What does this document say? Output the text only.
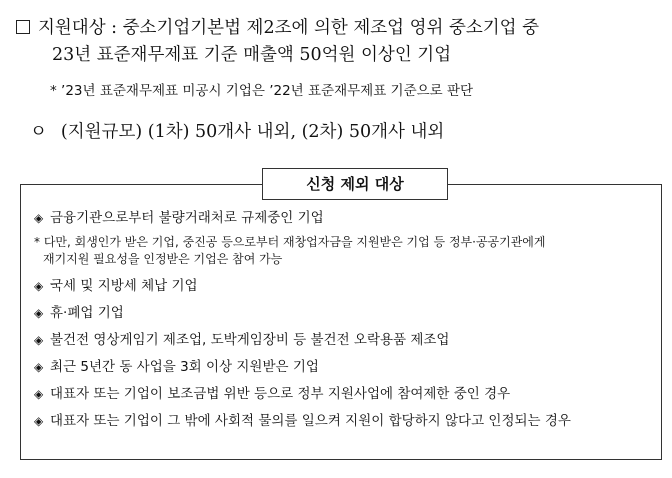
지원대상 : 중소기업기본법 제2조에 의한 제조업 영위 중소기업 중
23년 표준재무제표 기준 매출액 50억원 이상인 기업
* ’23년 표준재무제표 미공시 기업은 ’22년 표준재무제표 기준으로 판단
ㅇ (지원규모) (1차) 50개사 내외, (2차) 50개사 내외
신청 제외 대상
◈ 금융기관으로부터 불량거래처로 규제중인 기업
* 다만, 회생인가 받은 기업, 중진공 등으로부터 재창업자금을 지원받은 기업 등 정부·공공기관에게
재기지원 필요성을 인정받은 기업은 참여 가능
◈ 국세 및 지방세 체납 기업
◈ 휴·폐업 기업
◈ 불건전 영상게임기 제조업, 도박게임장비 등 불건전 오락용품 제조업
◈ 최근 5년간 동 사업을 3회 이상 지원받은 기업
◈ 대표자 또는 기업이 보조금법 위반 등으로 정부 지원사업에 참여제한 중인 경우
◈ 대표자 또는 기업이 그 밖에 사회적 물의를 일으켜 지원이 합당하지 않다고 인정되는 경우
